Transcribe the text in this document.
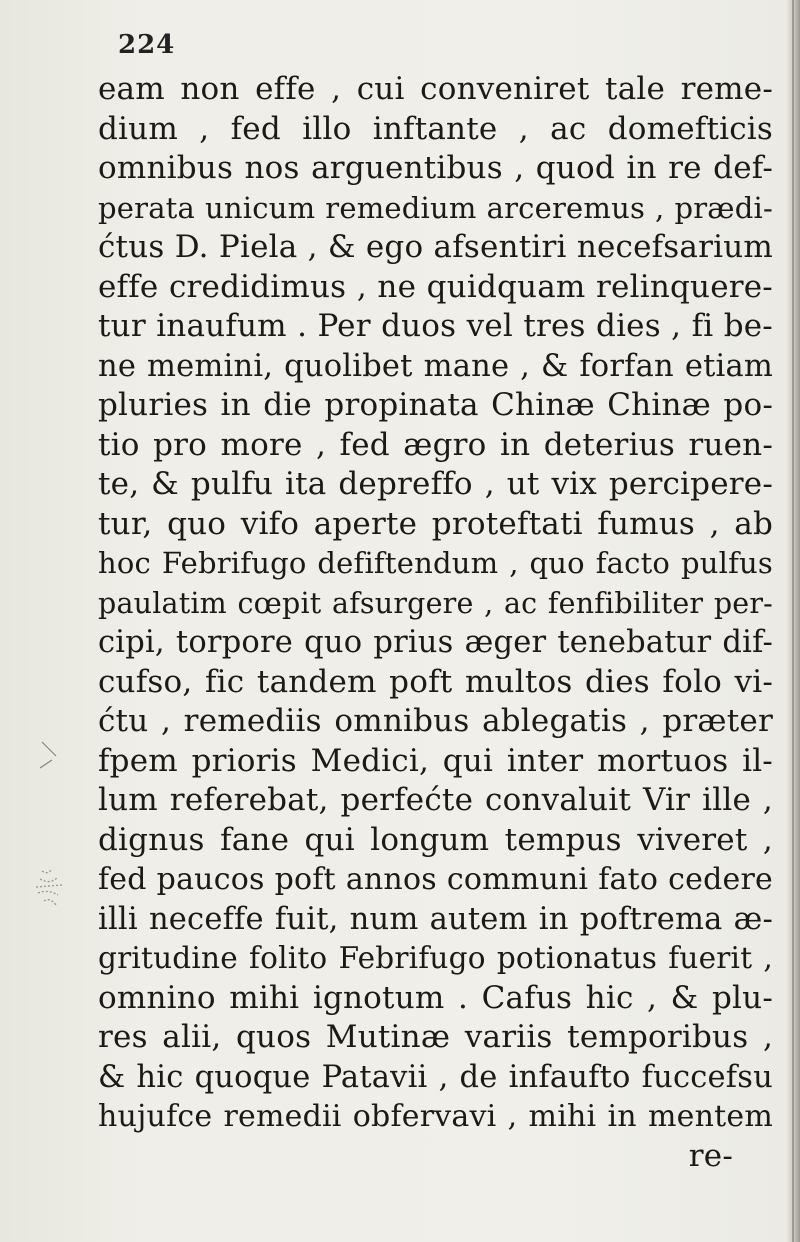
224
eam non effe , cui conveniret tale reme-
dium , fed illo inftante , ac domefticis
omnibus nos arguentibus , quod in re def-
perata unicum remedium arceremus , prædi-
ćtus D. Piela , & ego afsentiri necefsarium
effe credidimus , ne quidquam relinquere-
tur inaufum . Per duos vel tres dies , fi be-
ne memini, quolibet mane , & forfan etiam
pluries in die propinata Chinæ Chinæ po-
tio pro more , fed ægro in deterius ruen-
te, & pulfu ita depreffo , ut vix percipere-
tur, quo vifo aperte proteftati fumus , ab
hoc Febrifugo defiftendum , quo facto pulfus
paulatim cœpit afsurgere , ac fenfibiliter per-
cipi, torpore quo prius æger tenebatur dif-
cufso, fic tandem poft multos dies folo vi-
ćtu , remediis omnibus ablegatis , præter
fpem prioris Medici, qui inter mortuos il-
lum referebat, perfećte convaluit Vir ille ,
dignus fane qui longum tempus viveret ,
fed paucos poft annos communi fato cedere
illi neceffe fuit, num autem in poftrema æ-
gritudine folito Febrifugo potionatus fuerit ,
omnino mihi ignotum . Cafus hic , & plu-
res alii, quos Mutinæ variis temporibus ,
& hic quoque Patavii , de infaufto fuccefsu
hujufce remedii obfervavi , mihi in mentem
re-
